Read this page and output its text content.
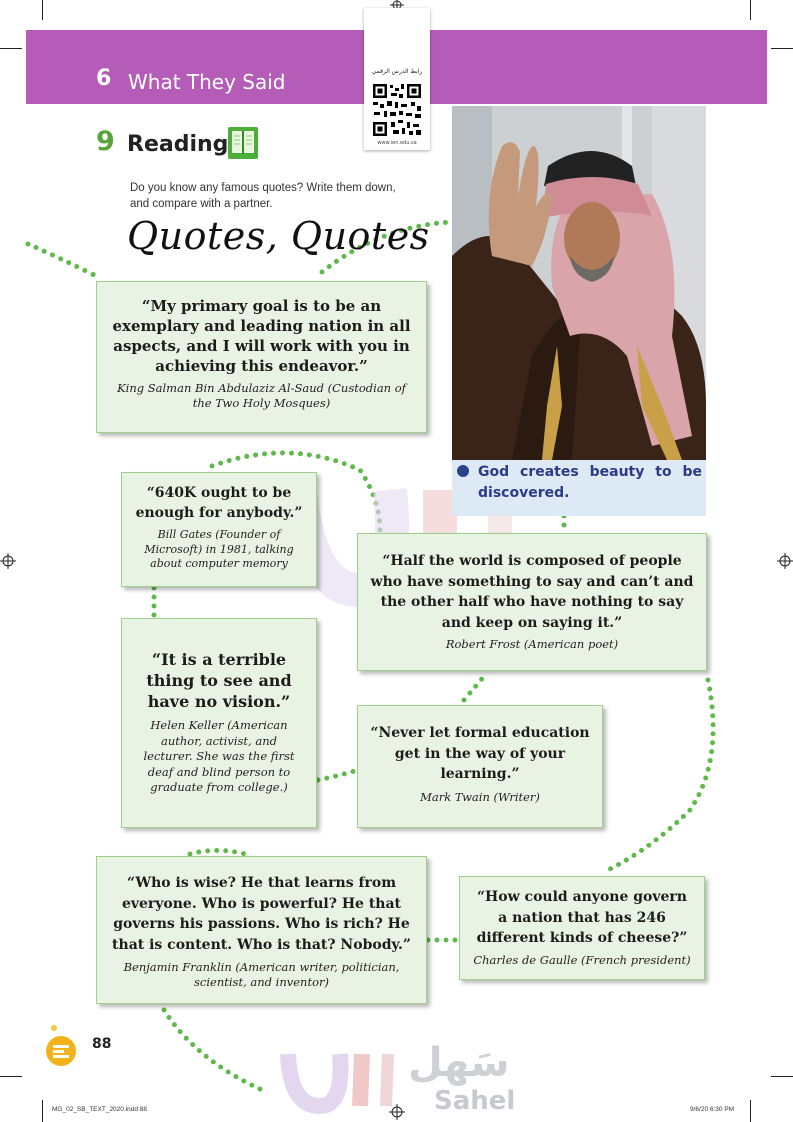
6 What They Said	رابط الدرس الرقمي
www.ien.edu.sa
9 Reading
Do you know any famous quotes? Write them down,
and compare with a partner.
Quotes, Quotes
God creates beauty to be
discovered.
“My primary goal is to be an
exemplary and leading nation in all
aspects, and I will work with you in
achieving this endeavor.”
King Salman Bin Abdulaziz Al-Saud (Custodian of
the Two Holy Mosques)
“640K ought to be
enough for anybody.”
Bill Gates (Founder of
Microsoft) in 1981, talking
about computer memory	“Half the world is composed of people
who have something to say and can’t and
the other half who have nothing to say
and keep on saying it.”
Robert Frost (American poet)
“It is a terrible
thing to see and
have no vision.”
Helen Keller (American
author, activist, and
lecturer. She was the first
deaf and blind person to
graduate from college.)
“Never let formal education
get in the way of your
learning.”
Mark Twain (Writer)
“Who is wise? He that learns from
everyone. Who is powerful? He that
governs his passions. Who is rich? He
that is content. Who is that? Nobody.”
Benjamin Franklin (American writer, politician,
scientist, and inventor)
“How could anyone govern
a nation that has 246
different kinds of cheese?”
Charles de Gaulle (French president)
88	سَهل
Sahel
MG_02_SB_TEXT_2020.indd 88	9/6/20 6:30 PM
